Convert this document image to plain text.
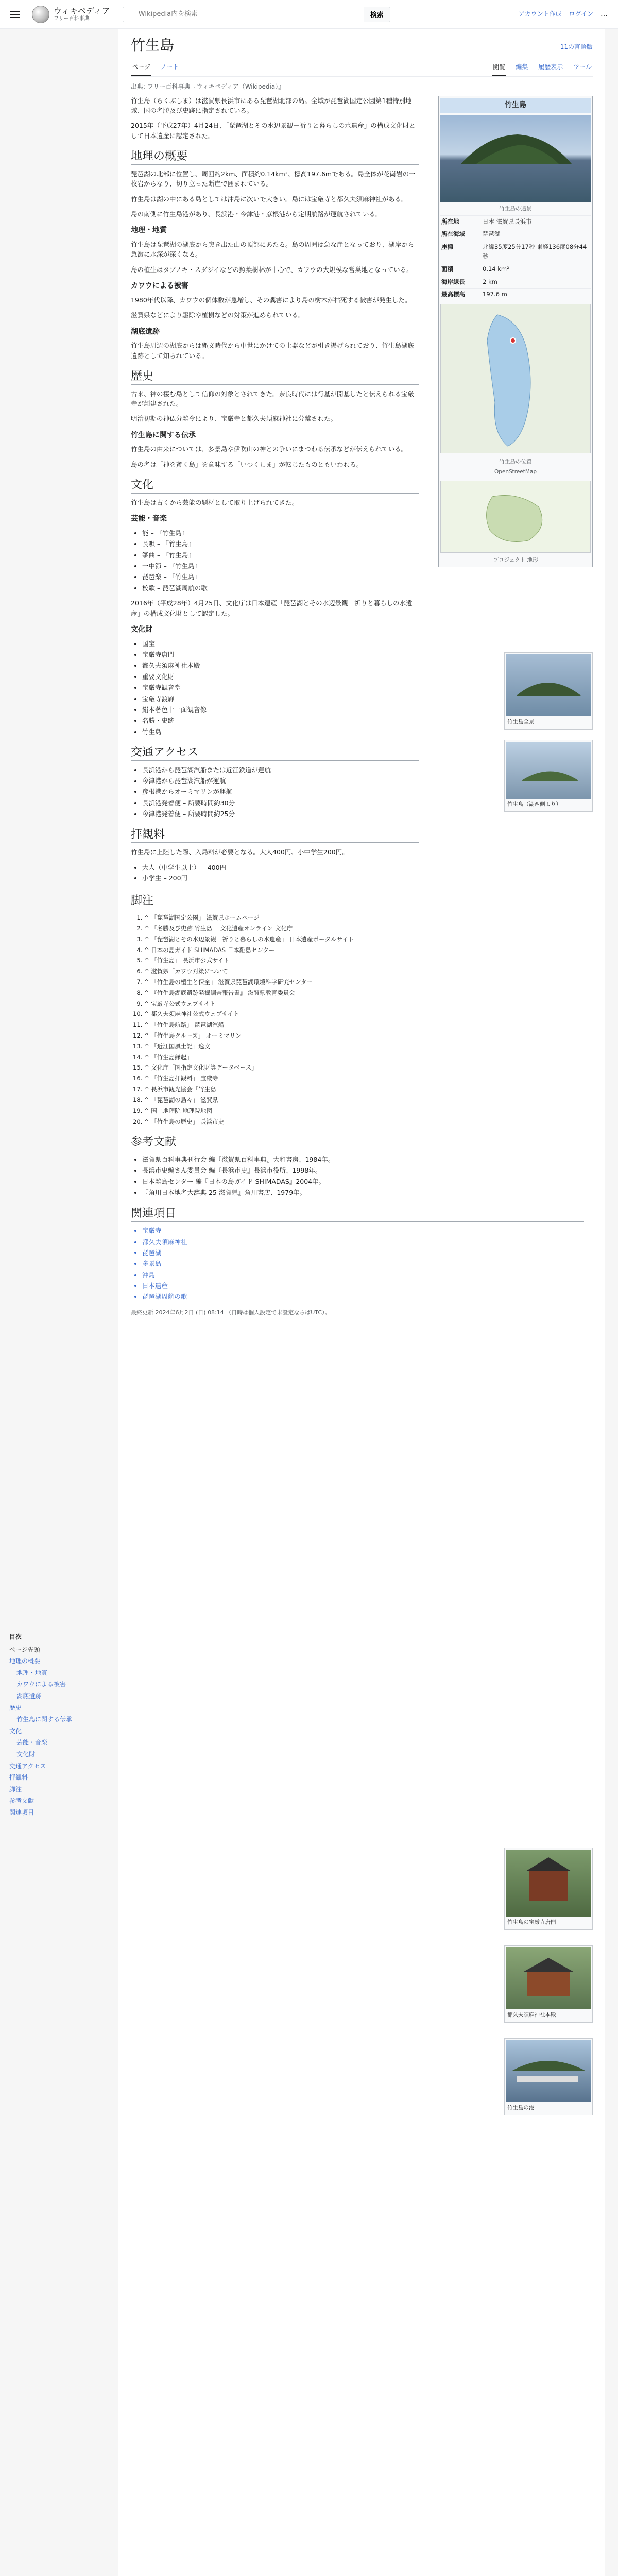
ウィキペディア
フリー百科事典
Wikipedia内を検索	検索	アカウント作成 ログイン …
目次
ページ先頭
地理の概要
地理・地質
カワウによる被害
湖底遺跡
歴史
竹生島に関する伝承
文化
芸能・音楽
文化財
交通アクセス
拝観料
脚注
参考文献
関連項目
竹生島	11の言語版
ページ ノート	閲覧 編集 履歴表示 ツール
出典: フリー百科事典『ウィキペディア（Wikipedia）』
竹生島
竹生島の遠景
所在地	日本 滋賀県長浜市
所在海域	琵琶湖
座標	北緯35度25分17秒 東経136度08分44秒
面積	0.14 km²
海岸線長	2 km
最高標高	197.6 m
竹生島の位置
OpenStreetMap
プロジェクト 地形

竹生島（ちくぶしま）は滋賀県長浜市にある琵琶湖北部の島。全域が琵琶湖国定公園第1種特別地域、国の名勝及び史跡に指定されている。

2015年（平成27年）4月24日、「琵琶湖とその水辺景観－祈りと暮らしの水遺産」の構成文化財として日本遺産に認定された。

地理の概要

琵琶湖の北部に位置し、周囲約2km、面積約0.14km²、標高197.6mである。島全体が花崗岩の一枚岩からなり、切り立った断崖で囲まれている。

竹生島は湖の中にある島としては沖島に次いで大きい。島には宝厳寺と都久夫須麻神社がある。

島の南側に竹生島港があり、長浜港・今津港・彦根港から定期航路が運航されている。

地理・地質

竹生島は琵琶湖の湖底から突き出た山の頂部にあたる。島の周囲は急な崖となっており、湖岸から急激に水深が深くなる。

島の植生はタブノキ・スダジイなどの照葉樹林が中心で、カワウの大規模な営巣地となっている。

カワウによる被害

1980年代以降、カワウの個体数が急増し、その糞害により島の樹木が枯死する被害が発生した。

滋賀県などにより駆除や植樹などの対策が進められている。

湖底遺跡

竹生島周辺の湖底からは縄文時代から中世にかけての土器などが引き揚げられており、竹生島湖底遺跡として知られている。

歴史

古来、神の棲む島として信仰の対象とされてきた。奈良時代には行基が開基したと伝えられる宝厳寺が創建された。

明治初期の神仏分離令により、宝厳寺と都久夫須麻神社に分離された。

竹生島に関する伝承

竹生島の由来については、多景島や伊吹山の神との争いにまつわる伝承などが伝えられている。

島の名は「神を斎く島」を意味する「いつくしま」が転じたものともいわれる。

文化

竹生島は古くから芸能の題材として取り上げられてきた。

芸能・音楽
• 能 – 『竹生島』
• 長唄 – 『竹生島』
• 箏曲 – 『竹生島』
• 一中節 – 『竹生島』
• 琵琶楽 – 『竹生島』
• 校歌 – 琵琶湖周航の歌

2016年（平成28年）4月25日、文化庁は日本遺産「琵琶湖とその水辺景観－祈りと暮らしの水遺産」の構成文化財として認定した。

文化財
• 国宝
• 宝厳寺唐門
• 都久夫須麻神社本殿
• 重要文化財
• 宝厳寺観音堂
• 宝厳寺渡廊
• 絹本著色十一面観音像
• 名勝・史跡
• 竹生島
交通アクセス
• 長浜港から琵琶湖汽船または近江鉄道が運航
• 今津港から琵琶湖汽船が運航
• 彦根港からオーミマリンが運航
• 長浜港発着便 – 所要時間約30分
• 今津港発着便 – 所要時間約25分
拝観料

竹生島に上陸した際、入島料が必要となる。大人400円、小中学生200円。

• 大人（中学生以上） – 400円
• 小学生 – 200円
竹生島全景
竹生島（湖西側より）
竹生島の宝厳寺唐門
都久夫須麻神社本殿
竹生島の港
脚注
1. ^ 「琵琶湖国定公園」 滋賀県ホームページ
2. ^ 「名勝及び史跡 竹生島」 文化遺産オンライン 文化庁
3. ^ 「琵琶湖とその水辺景観－祈りと暮らしの水遺産」 日本遺産ポータルサイト
4. ^ 日本の島ガイド SHIMADAS 日本離島センター
5. ^ 「竹生島」 長浜市公式サイト
6. ^ 滋賀県「カワウ対策について」
7. ^ 「竹生島の植生と保全」 滋賀県琵琶湖環境科学研究センター
8. ^ 『竹生島湖底遺跡発掘調査報告書』 滋賀県教育委員会
9. ^ 宝厳寺公式ウェブサイト
10. ^ 都久夫須麻神社公式ウェブサイト
11. ^ 「竹生島航路」 琵琶湖汽船
12. ^ 「竹生島クルーズ」 オーミマリン
13. ^ 『近江国風土記』逸文
14. ^ 『竹生島縁起』
15. ^ 文化庁「国指定文化財等データベース」
16. ^ 「竹生島拝観料」 宝厳寺
17. ^ 長浜市観光協会「竹生島」
18. ^ 「琵琶湖の島々」 滋賀県
19. ^ 国土地理院 地理院地図
20. ^ 「竹生島の歴史」 長浜市史
参考文献
• 滋賀県百科事典刊行会 編『滋賀県百科事典』大和書房、1984年。
• 長浜市史編さん委員会 編『長浜市史』長浜市役所、1998年。
• 日本離島センター 編『日本の島ガイド SHIMADAS』2004年。
• 『角川日本地名大辞典 25 滋賀県』角川書店、1979年。
関連項目
• 宝厳寺
• 都久夫須麻神社
• 琵琶湖
• 多景島
• 沖島
• 日本遺産
• 琵琶湖周航の歌
最終更新 2024年6月2日 (日) 08:14 （日時は個人設定で未設定ならばUTC）。
